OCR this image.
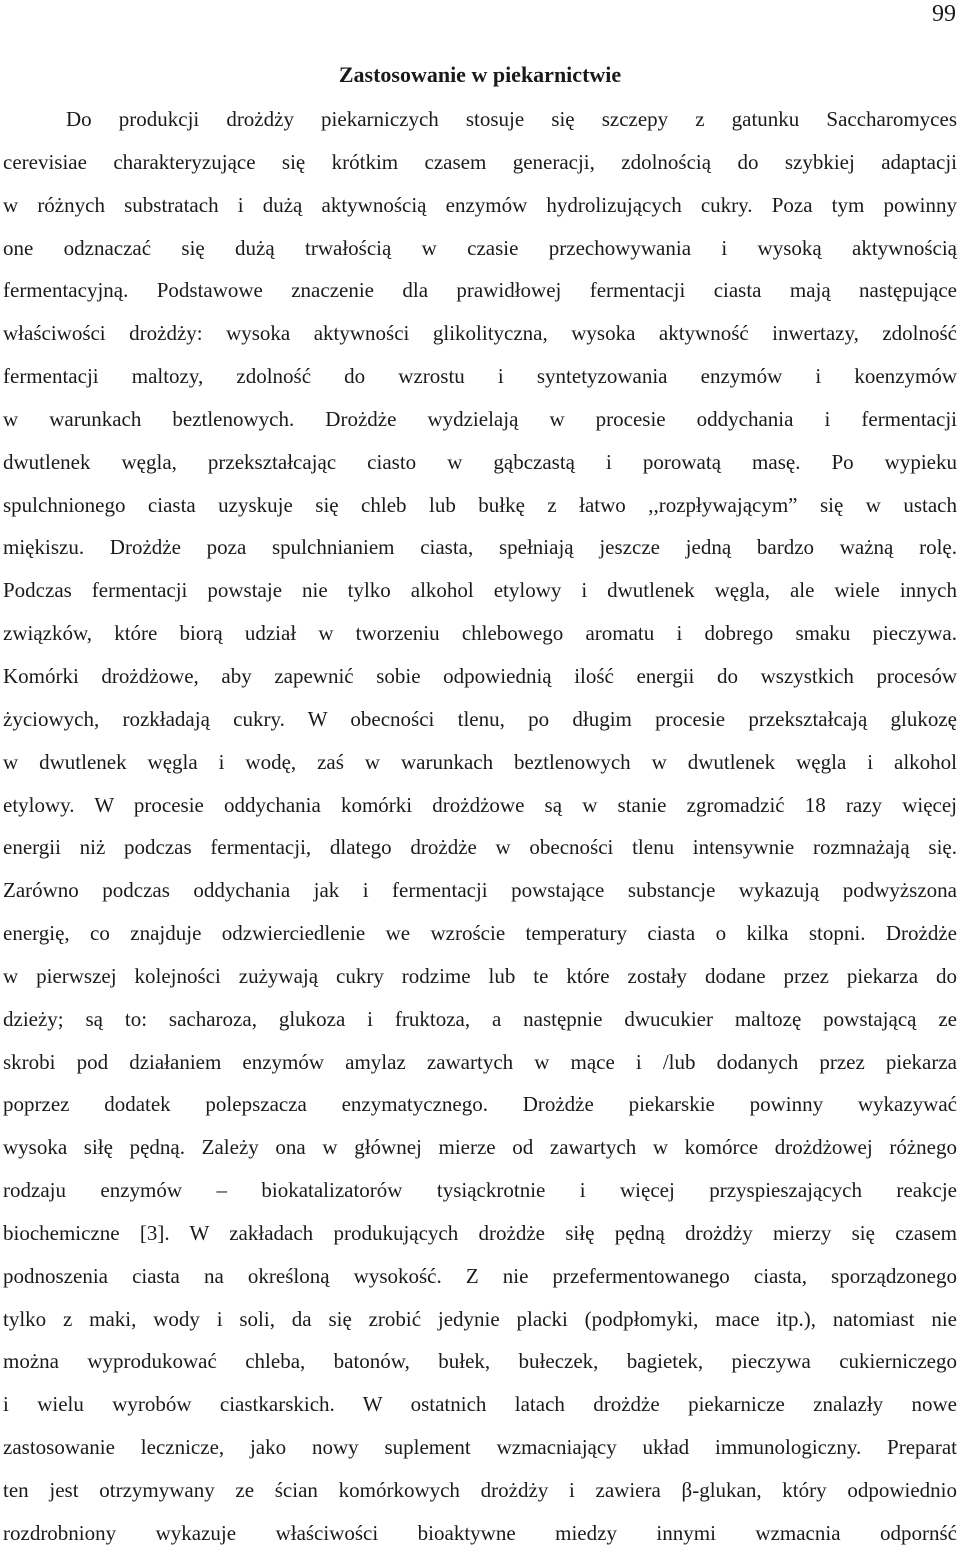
99
Zastosowanie w piekarnictwie
Do produkcji drożdży piekarniczych stosuje się szczepy z gatunku Saccharomyces
cerevisiae charakteryzujące się krótkim czasem generacji, zdolnością do szybkiej adaptacji
w różnych substratach i dużą aktywnością enzymów hydrolizujących cukry. Poza tym powinny
one odznaczać się dużą trwałością w czasie przechowywania i wysoką aktywnością
fermentacyjną. Podstawowe znaczenie dla prawidłowej fermentacji ciasta mają następujące
właściwości drożdży: wysoka aktywności glikolityczna, wysoka aktywność inwertazy, zdolność
fermentacji maltozy, zdolność do wzrostu i syntetyzowania enzymów i koenzymów
w warunkach beztlenowych. Drożdże wydzielają w procesie oddychania i fermentacji
dwutlenek węgla, przekształcając ciasto w gąbczastą i porowatą masę. Po wypieku
spulchnionego ciasta uzyskuje się chleb lub bułkę z łatwo ,,rozpływającym” się w ustach
miękiszu. Drożdże poza spulchnianiem ciasta, spełniają jeszcze jedną bardzo ważną rolę.
Podczas fermentacji powstaje nie tylko alkohol etylowy i dwutlenek węgla, ale wiele innych
związków, które biorą udział w tworzeniu chlebowego aromatu i dobrego smaku pieczywa.
Komórki drożdżowe, aby zapewnić sobie odpowiednią ilość energii do wszystkich procesów
życiowych, rozkładają cukry. W obecności tlenu, po długim procesie przekształcają glukozę
w dwutlenek węgla i wodę, zaś w warunkach beztlenowych w dwutlenek węgla i alkohol
etylowy. W procesie oddychania komórki drożdżowe są w stanie zgromadzić 18 razy więcej
energii niż podczas fermentacji, dlatego drożdże w obecności tlenu intensywnie rozmnażają się.
Zarówno podczas oddychania jak i fermentacji powstające substancje wykazują podwyższona
energię, co znajduje odzwierciedlenie we wzroście temperatury ciasta o kilka stopni. Drożdże
w pierwszej kolejności zużywają cukry rodzime lub te które zostały dodane przez piekarza do
dzieży; są to: sacharoza, glukoza i fruktoza, a następnie dwucukier maltozę powstającą ze
skrobi pod działaniem enzymów amylaz zawartych w mące i /lub dodanych przez piekarza
poprzez dodatek polepszacza enzymatycznego. Drożdże piekarskie powinny wykazywać
wysoka siłę pędną. Zależy ona w głównej mierze od zawartych w komórce drożdżowej różnego
rodzaju enzymów – biokatalizatorów tysiąckrotnie i więcej przyspieszających reakcje
biochemiczne [3]. W zakładach produkujących drożdże siłę pędną drożdży mierzy się czasem
podnoszenia ciasta na określoną wysokość. Z nie przefermentowanego ciasta, sporządzonego
tylko z maki, wody i soli, da się zrobić jedynie placki (podpłomyki, mace itp.), natomiast nie
można wyprodukować chleba, batonów, bułek, bułeczek, bagietek, pieczywa cukierniczego
i wielu wyrobów ciastkarskich. W ostatnich latach drożdże piekarnicze znalazły nowe
zastosowanie lecznicze, jako nowy suplement wzmacniający układ immunologiczny. Preparat
ten jest otrzymywany ze ścian komórkowych drożdży i zawiera β-glukan, który odpowiednio
rozdrobniony wykazuje właściwości bioaktywne miedzy innymi wzmacnia odpornść
